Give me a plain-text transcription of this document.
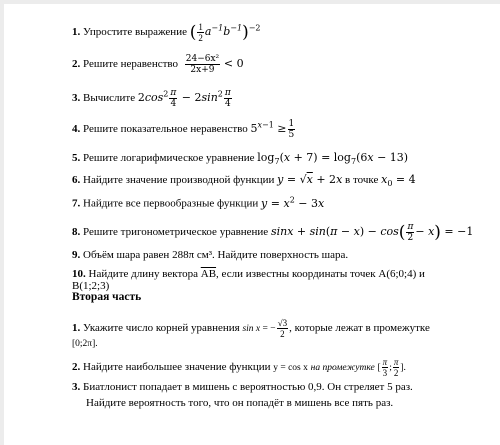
1. Упростите выражение ( $\frac{1}{2} a^{-1}b^{-1})^{-2}$
2. Решите неравенство $\frac{\text{24−6x²}}{2x+9} < 0$
3. Вычислите $2\cos^2 \frac{\pi}{4} - 2\sin^2 \frac{\pi}{4}$
4. Решите показательное неравенство $5^{x-1} \ge \frac{1}{5}$
5. Решите логарифмическое уравнение $\log_7(x + 7) = \log_7(6x - 13)$
6. Найдите значение производной функции y = √x + 2x в точке $x_0 = 4$
7. Найдите все первообразные функции $y = x^2 - 3x$
8. Решите тригонометрическое уравнение $\sin x + \sin(\pi - x) - \cos( \frac{\pi}{2} - x) = -1$
9. Объём шара равен 288π см³. Найдите поверхность шара.
10. Найдите длину вектора $\overline{AB}$, если известны координаты точек А(6;0;4) и
В(1;2;3)
Вторая часть
1. Укажите число корней уравнения sin x = − $\frac{√3}{2}$ , которые лежат в промежутке
[0;2π].
2. Найдите наибольшее значение функции y = cos x на промежутке [ $\frac{\pi}{3}$ ; $\frac{\pi}{2}$ ].
3. Биатлонист попадает в мишень с вероятностью 0,9. Он стреляет 5 раз.
Найдите вероятность того, что он попадёт в мишень все пять раз.
